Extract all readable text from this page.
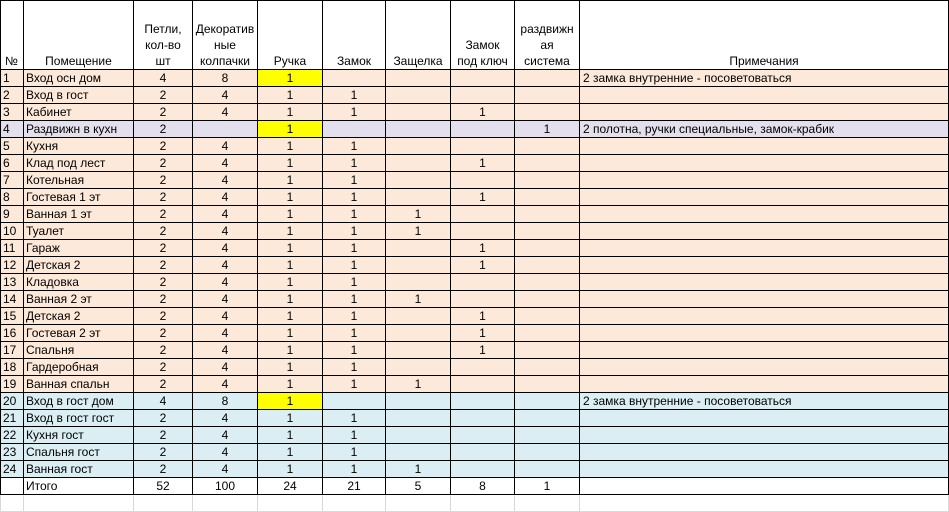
№	Помещение	Петли,
кол-во
шт	Декоратив
ные
колпачки	Ручка	Замок	Защелка	Замок
под ключ	раздвижн
ая
система	Примечания
1	Вход осн дом	4	8	1					2 замка внутренние - посоветоваться
2	Вход в гост	2	4	1	1				
3	Кабинет	2	4	1	1		1		
4	Раздвижн в кухн	2		1				1	2 полотна, ручки специальные, замок-крабик
5	Кухня	2	4	1	1				
6	Клад под лест	2	4	1	1		1		
7	Котельная	2	4	1	1				
8	Гостевая 1 эт	2	4	1	1		1		
9	Ванная 1 эт	2	4	1	1	1			
10	Туалет	2	4	1	1	1			
11	Гараж	2	4	1	1		1		
12	Детская 2	2	4	1	1		1		
13	Кладовка	2	4	1	1				
14	Ванная 2 эт	2	4	1	1	1			
15	Детская 2	2	4	1	1		1		
16	Гостевая 2 эт	2	4	1	1		1		
17	Спальня	2	4	1	1		1		
18	Гардеробная	2	4	1	1				
19	Ванная спальн	2	4	1	1	1			
20	Вход в гост дом	4	8	1					2 замка внутренние - посоветоваться
21	Вход в гост гост	2	4	1	1				
22	Кухня гост	2	4	1	1				
23	Спальня гост	2	4	1	1				
24	Ванная гост	2	4	1	1	1			
	Итого	52	100	24	21	5	8	1	
